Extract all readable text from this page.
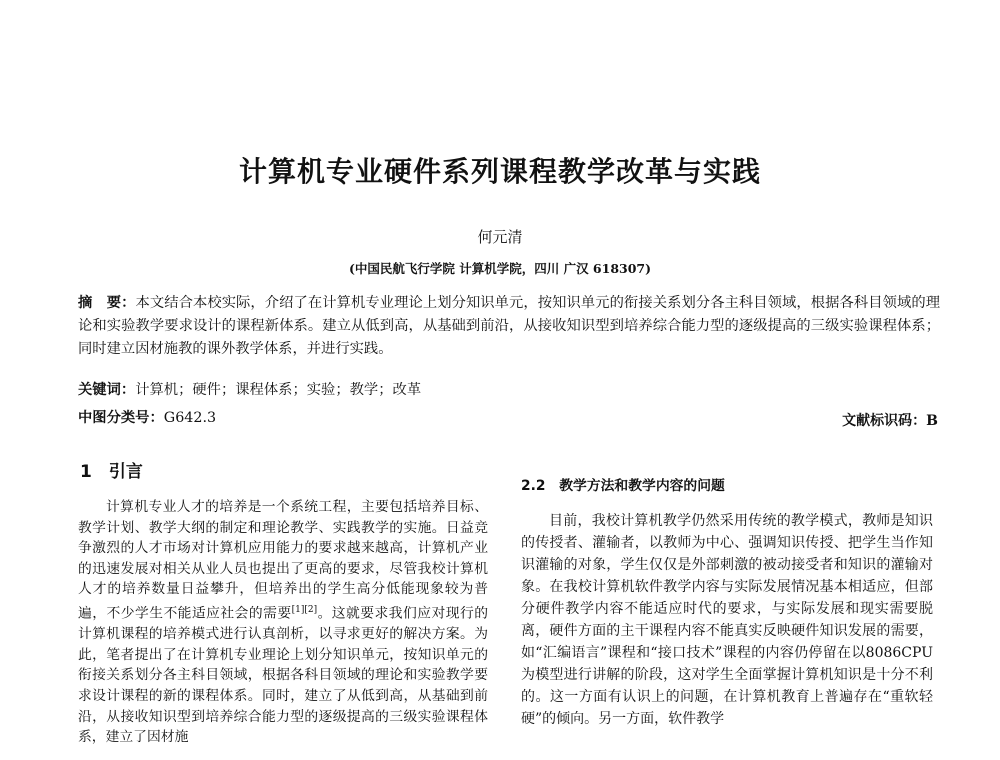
计算机专业硬件系列课程教学改革与实践
何元清
(中国民航飞行学院 计算机学院，四川 广汉 618307)
摘　要：本文结合本校实际，介绍了在计算机专业理论上划分知识单元，按知识单元的衔接关系划分各主科目领域，根据各科目领域的理论和实验教学要求设计的课程新体系。建立从低到高，从基础到前沿，从接收知识型到培养综合能力型的逐级提高的三级实验课程体系；同时建立因材施教的课外教学体系，并进行实践。
关键词：计算机；硬件；课程体系；实验；教学；改革
中图分类号：G642.3	文献标识码：B
1　引言
计算机专业人才的培养是一个系统工程，主要包括培养目标、教学计划、教学大纲的制定和理论教学、实践教学的实施。日益竞争激烈的人才市场对计算机应用能力的要求越来越高，计算机产业的迅速发展对相关从业人员也提出了更高的要求，尽管我校计算机人才的培养数量日益攀升，但培养出的学生高分低能现象较为普遍，不少学生不能适应社会的需要[1][2]。这就要求我们应对现行的计算机课程的培养模式进行认真剖析，以寻求更好的解决方案。为此，笔者提出了在计算机专业理论上划分知识单元，按知识单元的衔接关系划分各主科目领域，根据各科目领域的理论和实验教学要求设计课程的新的课程体系。同时，建立了从低到高，从基础到前沿，从接收知识型到培养综合能力型的逐级提高的三级实验课程体系，建立了因材施
2.2　教学方法和教学内容的问题
目前，我校计算机教学仍然采用传统的教学模式，教师是知识的传授者、灌输者，以教师为中心、强调知识传授、把学生当作知识灌输的对象，学生仅仅是外部刺激的被动接受者和知识的灌输对象。在我校计算机软件教学内容与实际发展情况基本相适应，但部分硬件教学内容不能适应时代的要求，与实际发展和现实需要脱离，硬件方面的主干课程内容不能真实反映硬件知识发展的需要，如“汇编语言”课程和“接口技术”课程的内容仍停留在以8086CPU 为模型进行讲解的阶段，这对学生全面掌握计算机知识是十分不利的。这一方面有认识上的问题，在计算机教育上普遍存在“重软轻硬”的倾向。另一方面，软件教学
